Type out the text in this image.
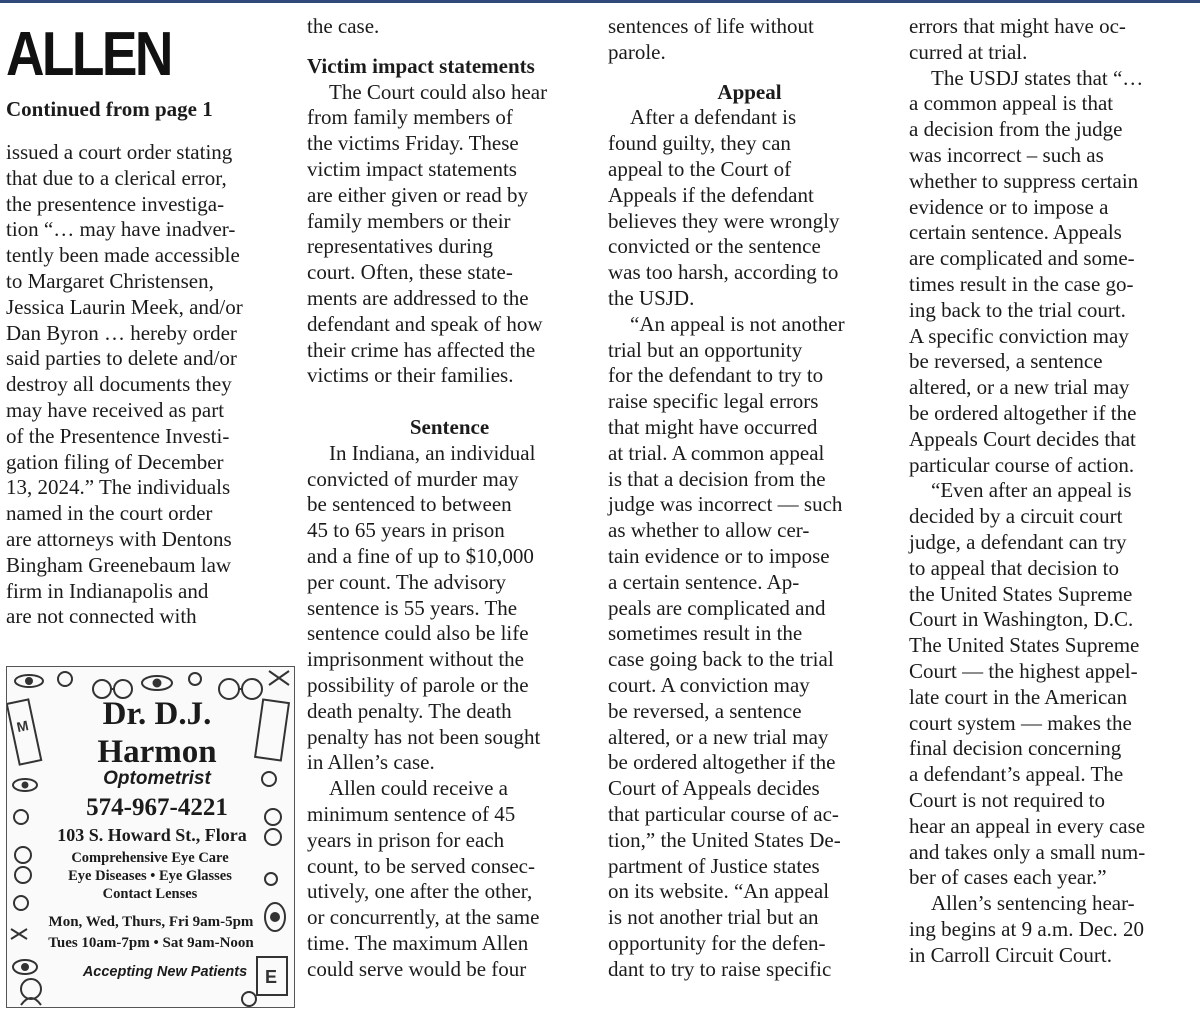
ALLEN
Continued from page 1
issued a court order stating
that due to a clerical error,
the presentence investiga-
tion “… may have inadver-
tently been made accessible
to Margaret Christensen,
Jessica Laurin Meek, and/or
Dan Byron … hereby order
said parties to delete and/or
destroy all documents they
may have received as part
of the Presentence Investi-
gation filing of December
13, 2024.” The individuals
named in the court order
are attorneys with Dentons
Bingham Greenebaum law
firm in Indianapolis and
are not connected with
the case.
Victim impact statements
The Court could also hear
from family members of
the victims Friday. These
victim impact statements
are either given or read by
family members or their
representatives during
court. Often, these state-
ments are addressed to the
defendant and speak of how
their crime has affected the
victims or their families.
Sentence
In Indiana, an individual
convicted of murder may
be sentenced to between
45 to 65 years in prison
and a fine of up to $10,000
per count. The advisory
sentence is 55 years. The
sentence could also be life
imprisonment without the
possibility of parole or the
death penalty. The death
penalty has not been sought
in Allen’s case.
Allen could receive a
minimum sentence of 45
years in prison for each
count, to be served consec-
utively, one after the other,
or concurrently, at the same
time. The maximum Allen
could serve would be four
sentences of life without
parole.
Appeal
After a defendant is
found guilty, they can
appeal to the Court of
Appeals if the defendant
believes they were wrongly
convicted or the sentence
was too harsh, according to
the USJD.
“An appeal is not another
trial but an opportunity
for the defendant to try to
raise specific legal errors
that might have occurred
at trial. A common appeal
is that a decision from the
judge was incorrect — such
as whether to allow cer-
tain evidence or to impose
a certain sentence. Ap-
peals are complicated and
sometimes result in the
case going back to the trial
court. A conviction may
be reversed, a sentence
altered, or a new trial may
be ordered altogether if the
Court of Appeals decides
that particular course of ac-
tion,” the United States De-
partment of Justice states
on its website. “An appeal
is not another trial but an
opportunity for the defen-
dant to try to raise specific
errors that might have oc-
curred at trial.
The USDJ states that “…
a common appeal is that
a decision from the judge
was incorrect – such as
whether to suppress certain
evidence or to impose a
certain sentence. Appeals
are complicated and some-
times result in the case go-
ing back to the trial court.
A specific conviction may
be reversed, a sentence
altered, or a new trial may
be ordered altogether if the
Appeals Court decides that
particular course of action.
“Even after an appeal is
decided by a circuit court
judge, a defendant can try
to appeal that decision to
the United States Supreme
Court in Washington, D.C.
The United States Supreme
Court — the highest appel-
late court in the American
court system — makes the
final decision concerning
a defendant’s appeal. The
Court is not required to
hear an appeal in every case
and takes only a small num-
ber of cases each year.”
Allen’s sentencing hear-
ing begins at 9 a.m. Dec. 20
in Carroll Circuit Court.
M
E
Dr. D.J.
Harmon
Optometrist
574-967-4221
103 S. Howard St., Flora
Comprehensive Eye Care
Eye Diseases • Eye Glasses
Contact Lenses
Mon, Wed, Thurs, Fri 9am-5pm
Tues 10am-7pm • Sat 9am-Noon
Accepting New Patients
